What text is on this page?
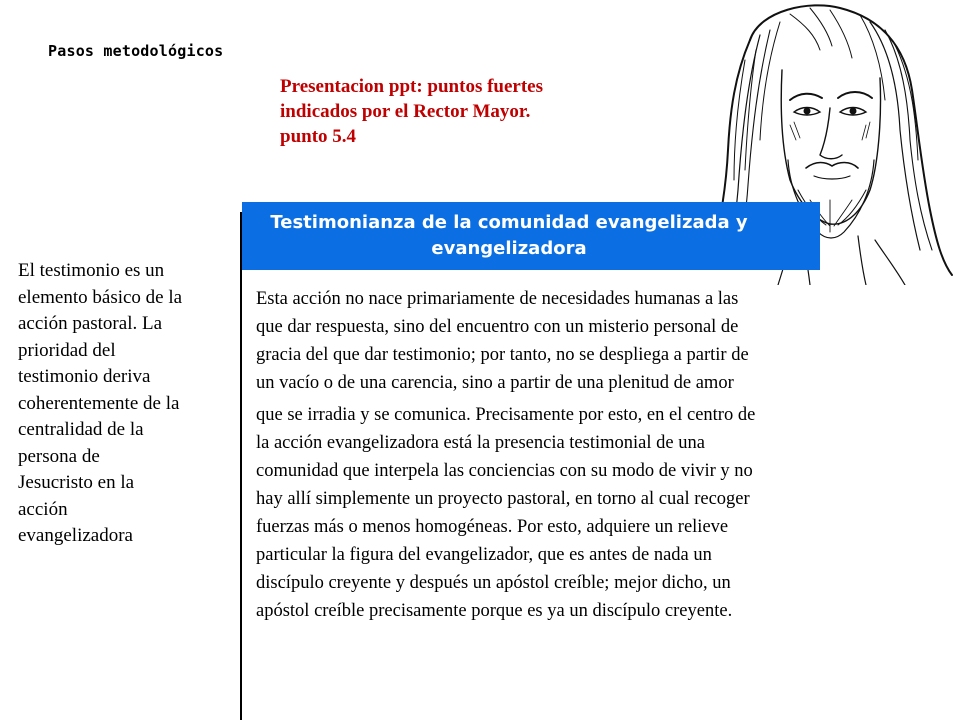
Pasos metodológicos
Presentacion ppt: puntos fuertes
indicados por el Rector Mayor.
punto 5.4
Testimonianza de la comunidad evangelizada y
evangelizadora
El testimonio es un
elemento básico de la
acción pastoral. La
prioridad del
testimonio deriva
coherentemente de la
centralidad de la
persona de
Jesucristo en la
acción
evangelizadora
Esta acción no nace primariamente de necesidades humanas a las
que dar respuesta, sino del encuentro con un misterio personal de
gracia del que dar testimonio; por tanto, no se despliega a partir de
un vacío o de una carencia, sino a partir de una plenitud de amor
que se irradia y se comunica. Precisamente por esto, en el centro de
la acción evangelizadora está la presencia testimonial de una
comunidad que interpela las conciencias con su modo de vivir y no
hay allí simplemente un proyecto pastoral, en torno al cual recoger
fuerzas más o menos homogéneas. Por esto, adquiere un relieve
particular la figura del evangelizador, que es antes de nada un
discípulo creyente y después un apóstol creíble; mejor dicho, un
apóstol creíble precisamente porque es ya un discípulo creyente.
